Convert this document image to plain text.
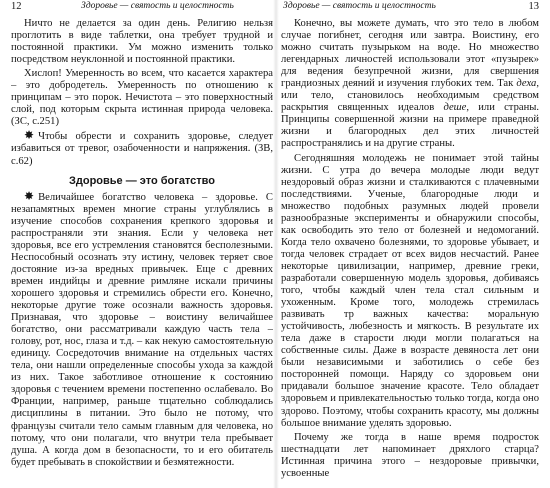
12	Здоровье — святость и целостность

Ничто не делается за один день. Религию нельзя проглотить в виде таблетки, она требует трудной и постоянной практики. Ум можно изменить только посредством неуклонной и постоянной практики.

Хислоп! Умеренность во всем, что касается характера – это добродетель. Умеренность по отношению к принципам – это порок. Нечистота – это поверхностный слой, под которым скрыта истинная природа человека. (ЗС, с.251)

✸ Чтобы обрести и сохранить здоровье, следует избавиться от тревог, озабоченности и напряжения. (ЗВ, с.62)

Здоровье — это богатство

✸ Величайшее богатство человека – здоровье. С незапамятных времен многие страны углублялись в изучение способов сохранения крепкого здоровья и распространяли эти знания. Если у человека нет здоровья, все его устремления становятся бесполезными. Неспособный осознать эту истину, человек теряет свое достояние из-за вредных привычек. Еще с древних времен индийцы и древние римляне искали причины хорошего здоровья и стремились обрести его. Конечно, некоторые другие тоже осознали важность здоровья. Признавая, что здоровье – воистину величайшее богатство, они рассматривали каждую часть тела – голову, рот, нос, глаза и т.д. – как некую самостоятельную единицу. Сосредоточив внимание на отдельных частях тела, они нашли определенные способы ухода за каждой из них. Такое заботливое отношение к состоянию здоровья с течением времени постепенно ослабевало. Во Франции, например, раньше тщательно соблюдались дисциплины в питании. Это было не потому, что французы считали тело самым главным для человека, но потому, что они полагали, что внутри тела пребывает душа. А когда дом в безопасности, то и его обитатель будет пребывать в спокойствии и безмятежности.

Здоровье — святость и целостность	13

Конечно, вы можете думать, что это тело в любом случае погибнет, сегодня или завтра. Воистину, его можно считать пузырьком на воде. Но множество легендарных личностей использовали этот «пузырек» для ведения безупречной жизни, для свершения грандиозных деяний и изучения глубоких тем. Так деха, или тело, становилось необходимым средством раскрытия священных идеалов деше, или страны. Принципы совершенной жизни на примере праведной жизни и благородных дел этих личностей распространялись и на другие страны.

Сегодняшняя молодежь не понимает этой тайны жизни. С утра до вечера молодые люди ведут нездоровый образ жизни и сталкиваются с плачевными последствиями. Ученые, благородные люди и множество подобных разумных людей провели разнообразные эксперименты и обнаружили способы, как освободить это тело от болезней и недомоганий. Когда тело охвачено болезнями, то здоровье убывает, и тогда человек страдает от всех видов несчастий. Ранее некоторые цивилизации, например, древние греки, разработали совершенную модель здоровья, добиваясь того, чтобы каждый член тела стал сильным и ухоженным. Кроме того, молодежь стремилась развивать тр важных качества: моральную устойчивость, любезность и мягкость. В результате их тела даже в старости люди могли полагаться на собственные силы. Даже в возрасте девяноста лет они были независимыми и заботились о себе без посторонней помощи. Наряду со здоровьем они придавали большое значение красоте. Тело обладает здоровьем и привлекательностью только тогда, когда оно здорово. Поэтому, чтобы сохранить красоту, мы должны большое внимание уделять здоровью.

Почему же тогда в наше время подросток шестнадцати лет напоминает дряхлого старца? Истинная причина этого – нездоровые привычки, усвоенные
